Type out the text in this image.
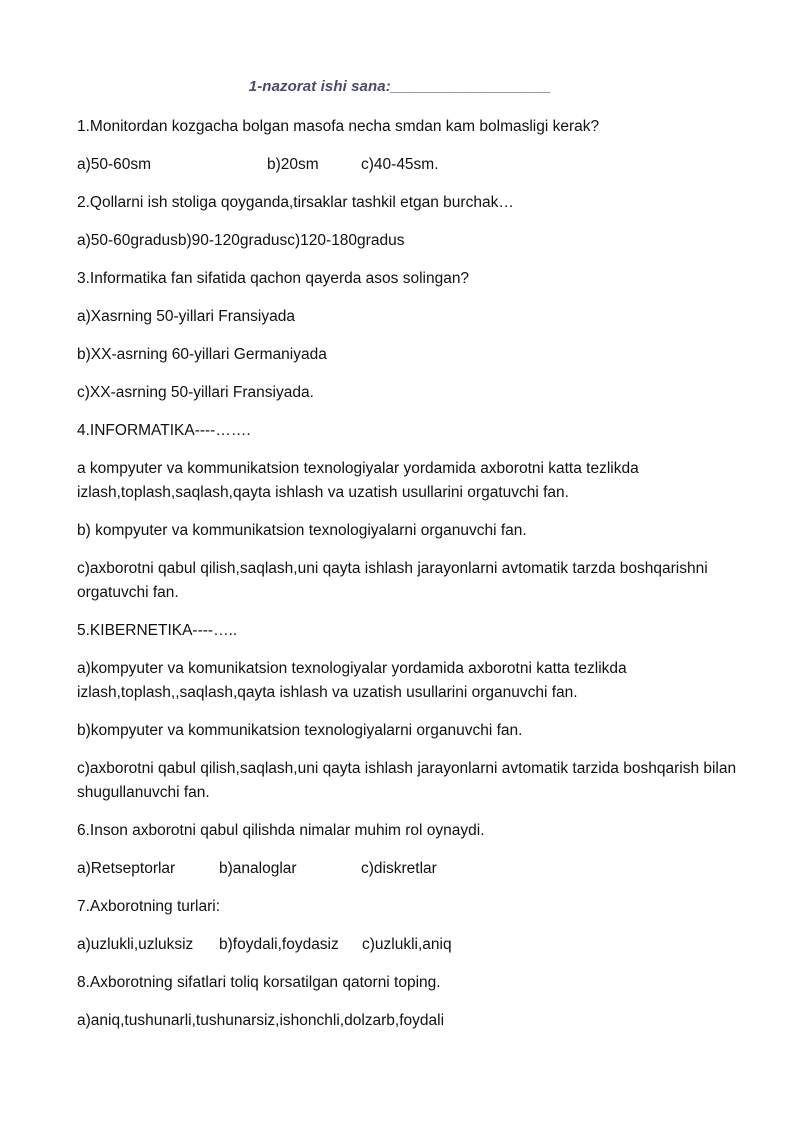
1-nazorat ishi sana:___________________

1.Monitordan kozgacha bolgan masofa necha smdan kam bolmasligi kerak?

a)50-60sm	b)20sm	c)40-45sm.

2.Qollarni ish stoliga qoyganda,tirsaklar tashkil etgan burchak…

a)50-60gradusb)90-120gradusc)120-180gradus

3.Informatika fan sifatida qachon qayerda asos solingan?

a)Xasrning 50-yillari Fransiyada

b)XX-asrning 60-yillari Germaniyada

c)XX-asrning 50-yillari Fransiyada.

4.INFORMATIKA----…….

a kompyuter va kommunikatsion texnologiyalar yordamida axborotni katta tezlikda izlash,toplash,saqlash,qayta ishlash va uzatish usullarini orgatuvchi fan.

b) kompyuter va kommunikatsion texnologiyalarni organuvchi fan.

c)axborotni qabul qilish,saqlash,uni qayta ishlash jarayonlarni avtomatik tarzda boshqarishni orgatuvchi fan.

5.KIBERNETIKA----…..

a)kompyuter va komunikatsion texnologiyalar yordamida axborotni katta tezlikda izlash,toplash,,saqlash,qayta ishlash va uzatish usullarini organuvchi fan.

b)kompyuter va kommunikatsion texnologiyalarni organuvchi fan.

c)axborotni qabul qilish,saqlash,uni qayta ishlash jarayonlarni avtomatik tarzida boshqarish bilan shugullanuvchi fan.

6.Inson axborotni qabul qilishda nimalar muhim rol oynaydi.

a)Retseptorlar	b)analoglar	c)diskretlar

7.Axborotning turlari:

a)uzlukli,uzluksiz b)foydali,foydasiz c)uzlukli,aniq

8.Axborotning sifatlari toliq korsatilgan qatorni toping.

a)aniq,tushunarli,tushunarsiz,ishonchli,dolzarb,foydali
